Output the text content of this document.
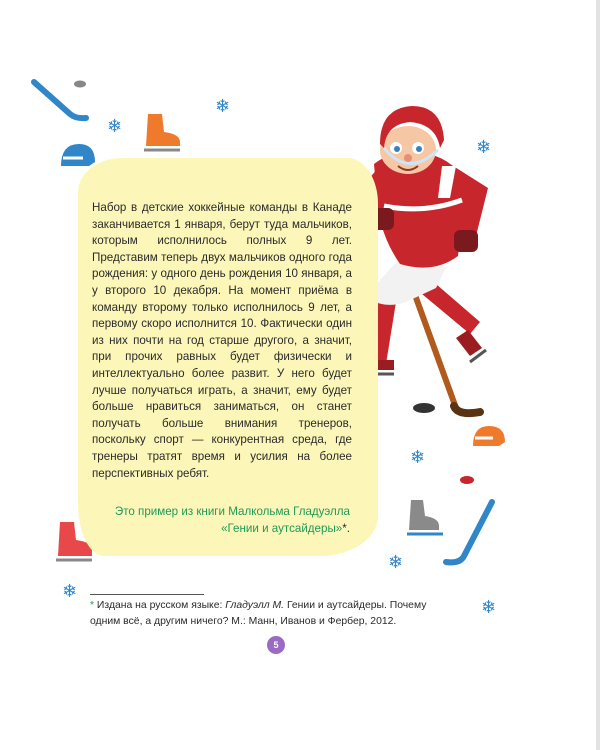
❄
❄
❄
❄
❄
❄
❄
9

Набор в детские хоккейные команды в Канаде заканчивается 1 января, берут туда мальчиков, которым исполнилось полных 9 лет. Представим теперь двух мальчиков одного года рождения: у одного день рождения 10 января, а у второго 10 декабря. На момент приёма в команду второму только исполнилось 9 лет, а первому скоро исполнится 10. Фактически один из них почти на год старше другого, а значит, при прочих равных будет физически и интеллектуально более развит. У него будет лучше получаться играть, а значит, ему будет больше нравиться заниматься, он станет получать больше внимания тренеров, поскольку спорт — конкурентная среда, где тренеры тратят время и усилия на более перспективных ребят.

Это пример из книги Малкольма Гладуэлла «Гении и аутсайдеры»*.

* Издана на русском языке: Гладуэлл М. Гении и аутсайдеры. Почему одним всё, а другим ничего? М.: Манн, Иванов и Фербер, 2012.

5
